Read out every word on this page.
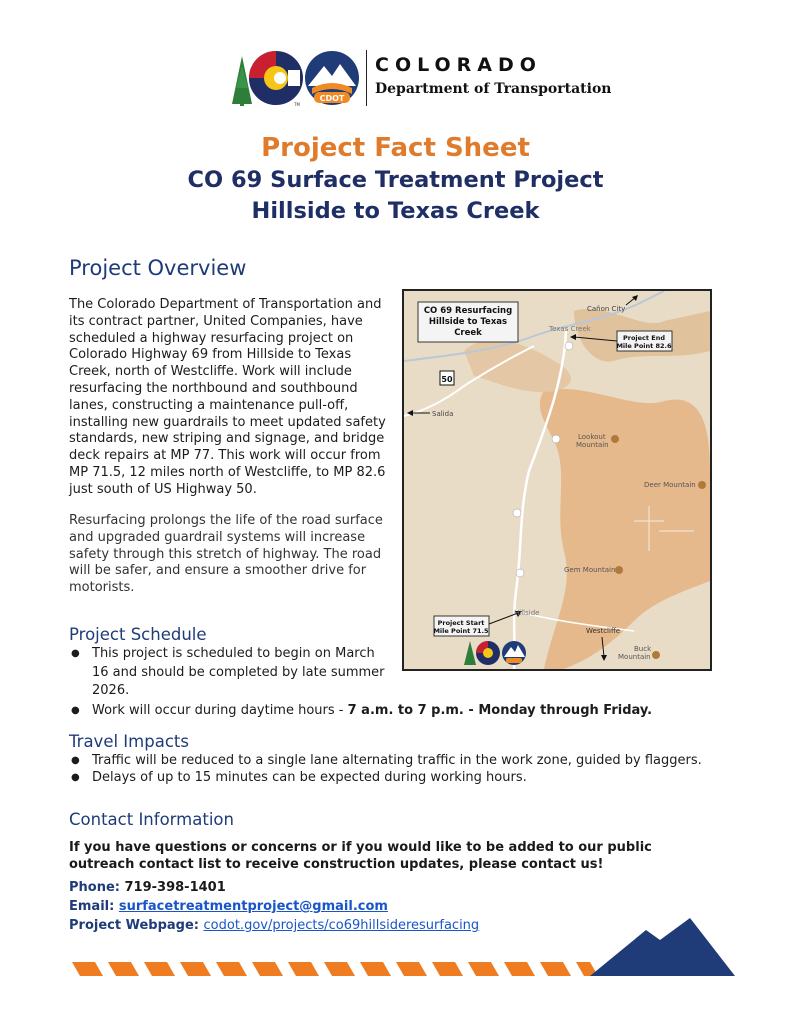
TM
CDOT
COLORADO
Department of Transportation
Project Fact Sheet
CO 69 Surface Treatment Project
Hillside to Texas Creek
Project Overview
The Colorado Department of Transportation and its contract partner, United Companies, have scheduled a highway resurfacing project on Colorado Highway 69 from Hillside to Texas Creek, north of Westcliffe. Work will include resurfacing the northbound and southbound lanes, constructing a maintenance pull-off, installing new guardrails to meet updated safety standards, new striping and signage, and bridge deck repairs at MP 77. This work will occur from MP 71.5, 12 miles north of Westcliffe, to MP 82.6 just south of US Highway 50.
Resurfacing prolongs the life of the road surface and upgraded guardrail systems will increase safety through this stretch of highway. The road will be safer, and ensure a smoother drive for motorists.
CO 69 Resurfacing
Hillside to Texas
Creek	Project End
Mile Point 82.6
Project Start
Mile Point 71.5
Cañon City
Texas Creek
Salida
Lookout
Mountain
Deer Mountain
Gem Mountain
Hillside
Westcliffe
Buck
Mountain
50
Project Schedule
● This project is scheduled to begin on March 16 and should be completed by late summer 2026.
● Work will occur during daytime hours - 7 a.m. to 7 p.m. - Monday through Friday.
Travel Impacts
● Traffic will be reduced to a single lane alternating traffic in the work zone, guided by flaggers.
● Delays of up to 15 minutes can be expected during working hours.
Contact Information
If you have questions or concerns or if you would like to be added to our public outreach contact list to receive construction updates, please contact us!
Phone: 719-398-1401
Email: surfacetreatmentproject@gmail.com
Project Webpage: codot.gov/projects/co69hillsideresurfacing
